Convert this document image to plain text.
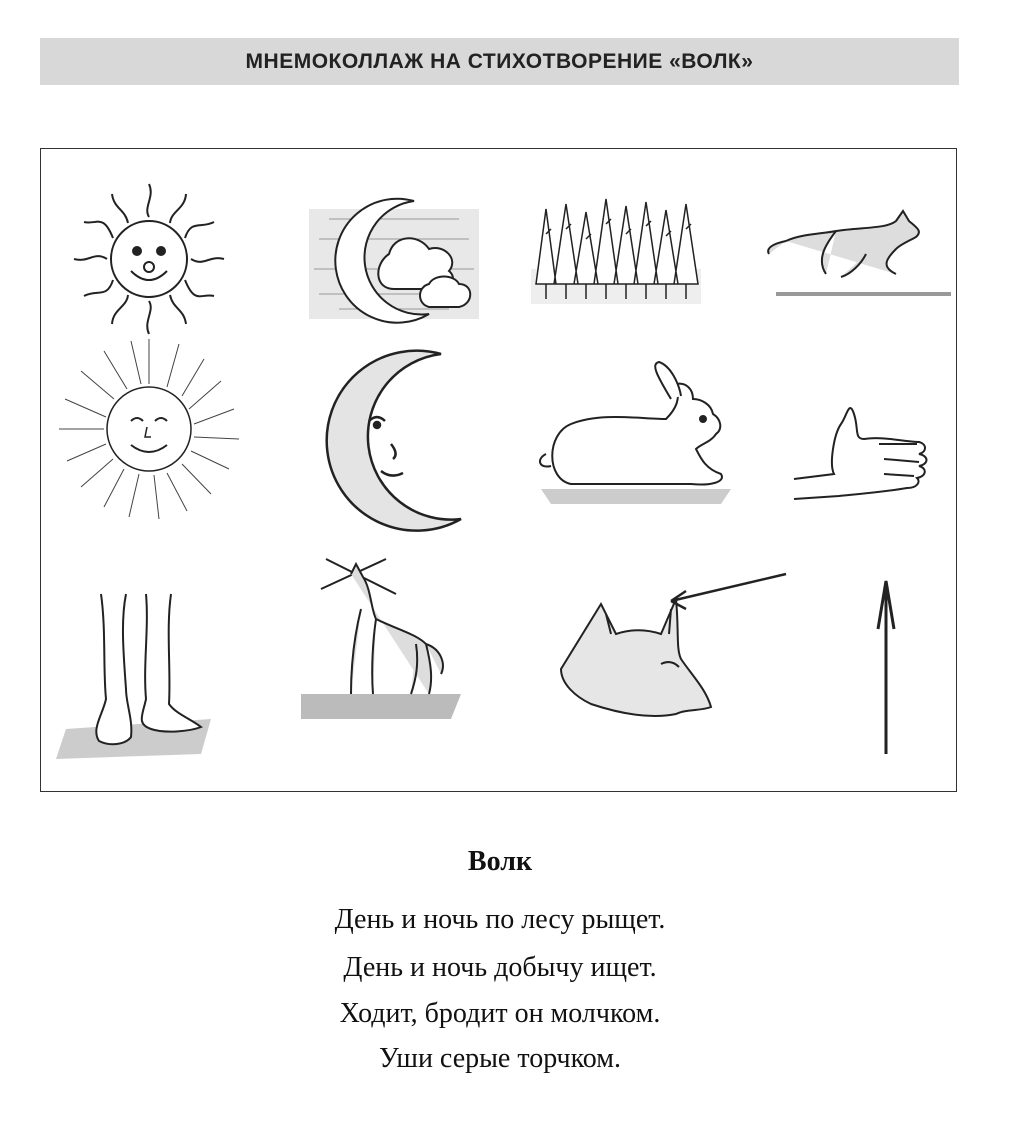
МНЕМОКОЛЛАЖ НА СТИХОТВОРЕНИЕ «ВОЛК»
Волк
День и ночь по лесу рыщет.
День и ночь добычу ищет.
Ходит, бродит он молчком.
Уши серые торчком.
